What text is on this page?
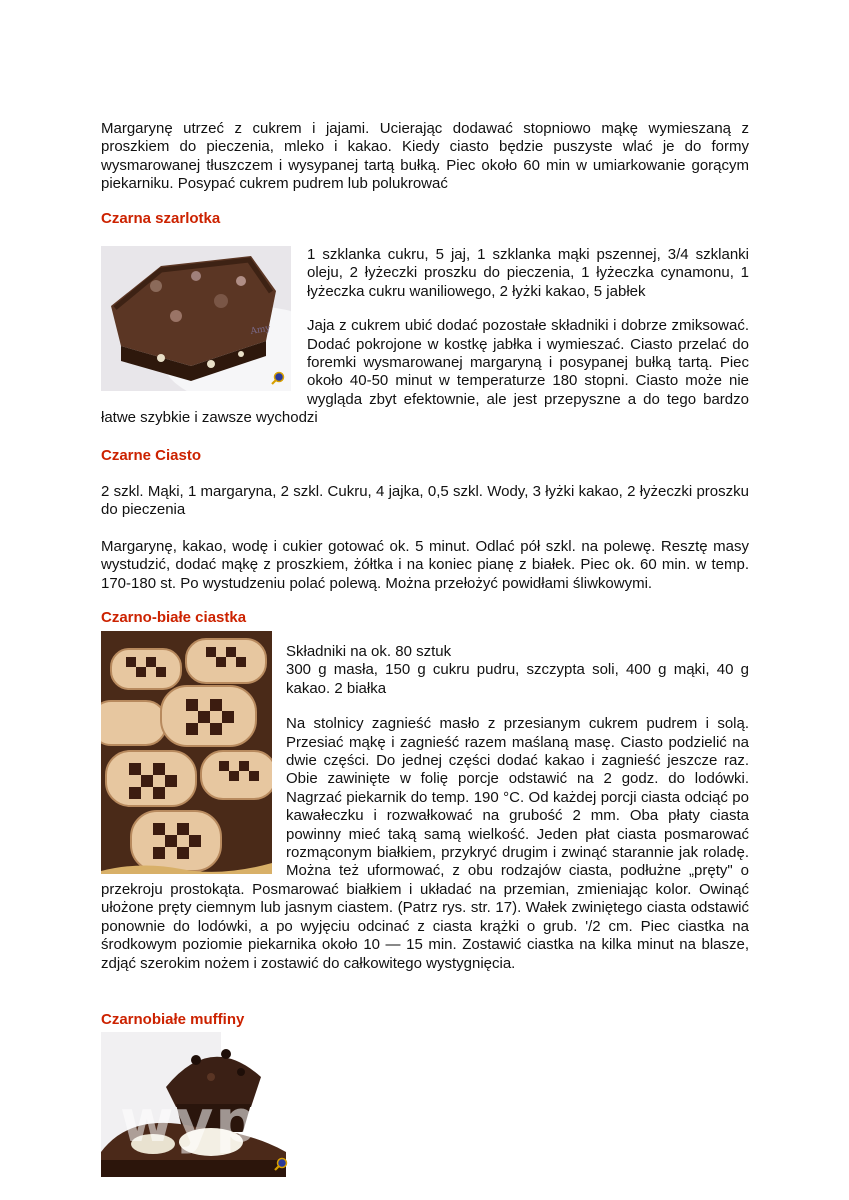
Margarynę utrzeć z cukrem i jajami. Ucierając dodawać stopniowo mąkę wymieszaną z proszkiem do pieczenia, mleko i kakao. Kiedy ciasto będzie puszyste wlać je do formy wysmarowanej tłuszczem i wysypanej tartą bułką. Piec około 60 min w umiarkowanie gorącym piekarniku. Posypać cukrem pudrem lub polukrować

Czarna szarlotka
Amy

1 szklanka cukru, 5 jaj, 1 szklanka mąki pszennej, 3/4 szklanki oleju, 2 łyżeczki proszku do pieczenia, 1 łyżeczka cynamonu, 1 łyżeczka cukru waniliowego, 2 łyżki kakao, 5 jabłek

Jaja z cukrem ubić dodać pozostałe składniki i dobrze zmiksować. Dodać pokrojone w kostkę jabłka i wymieszać. Ciasto przelać do foremki wysmarowanej margaryną i posypanej bułką tartą. Piec około 40-50 minut w temperaturze 180 stopni. Ciasto może nie wygląda zbyt efektownie, ale jest przepyszne a do tego bardzo łatwe szybkie i zawsze wychodzi

Czarne Ciasto

2 szkl. Mąki, 1 margaryna, 2 szkl. Cukru, 4 jajka, 0,5 szkl. Wody, 3 łyżki kakao, 2 łyżeczki proszku do pieczenia

Margarynę, kakao, wodę i cukier gotować ok. 5 minut. Odlać pół szkl. na polewę. Resztę masy wystudzić, dodać mąkę z proszkiem, żółtka i na koniec pianę z białek. Piec ok. 60 min. w temp. 170-180 st. Po wystudzeniu polać polewą. Można przełożyć powidłami śliwkowymi.

Czarno-białe ciastka

Składniki na ok. 80 sztuk

300 g masła, 150 g cukru pudru, szczypta soli, 400 g mąki, 40 g kakao. 2 białka

Na stolnicy zagnieść masło z przesianym cukrem pudrem i solą. Przesiać mąkę i zagnieść razem maślaną masę. Ciasto podzielić na dwie części. Do jednej części dodać kakao i zagnieść jeszcze raz. Obie zawinięte w folię porcje odstawić na 2 godz. do lodówki. Nagrzać piekarnik do temp. 190 °C. Od każdej porcji ciasta odciąć po kawałeczku i rozwałkować na grubość 2 mm. Oba płaty ciasta powinny mieć taką samą wielkość. Jeden płat ciasta posmarować rozmąconym białkiem, przykryć drugim i zwinąć starannie jak roladę. Można też uformować, z obu rodzajów ciasta, podłużne „pręty" o przekroju prostokąta. Posmarować białkiem i układać na przemian, zmieniając kolor. Owinąć ułożone pręty ciemnym lub jasnym ciastem. (Patrz rys. str. 17). Wałek zwiniętego ciasta odstawić ponownie do lodówki, a po wyjęciu odcinać z ciasta krążki o grub. '/2 cm. Piec ciastka na środkowym poziomie piekarnika około 10 — 15 min. Zostawić ciastka na kilka minut na blasze, zdjąć szerokim nożem i zostawić do całkowitego wystygnięcia.

Czarnobiałe muffiny
wypiekinydomowe.pl
